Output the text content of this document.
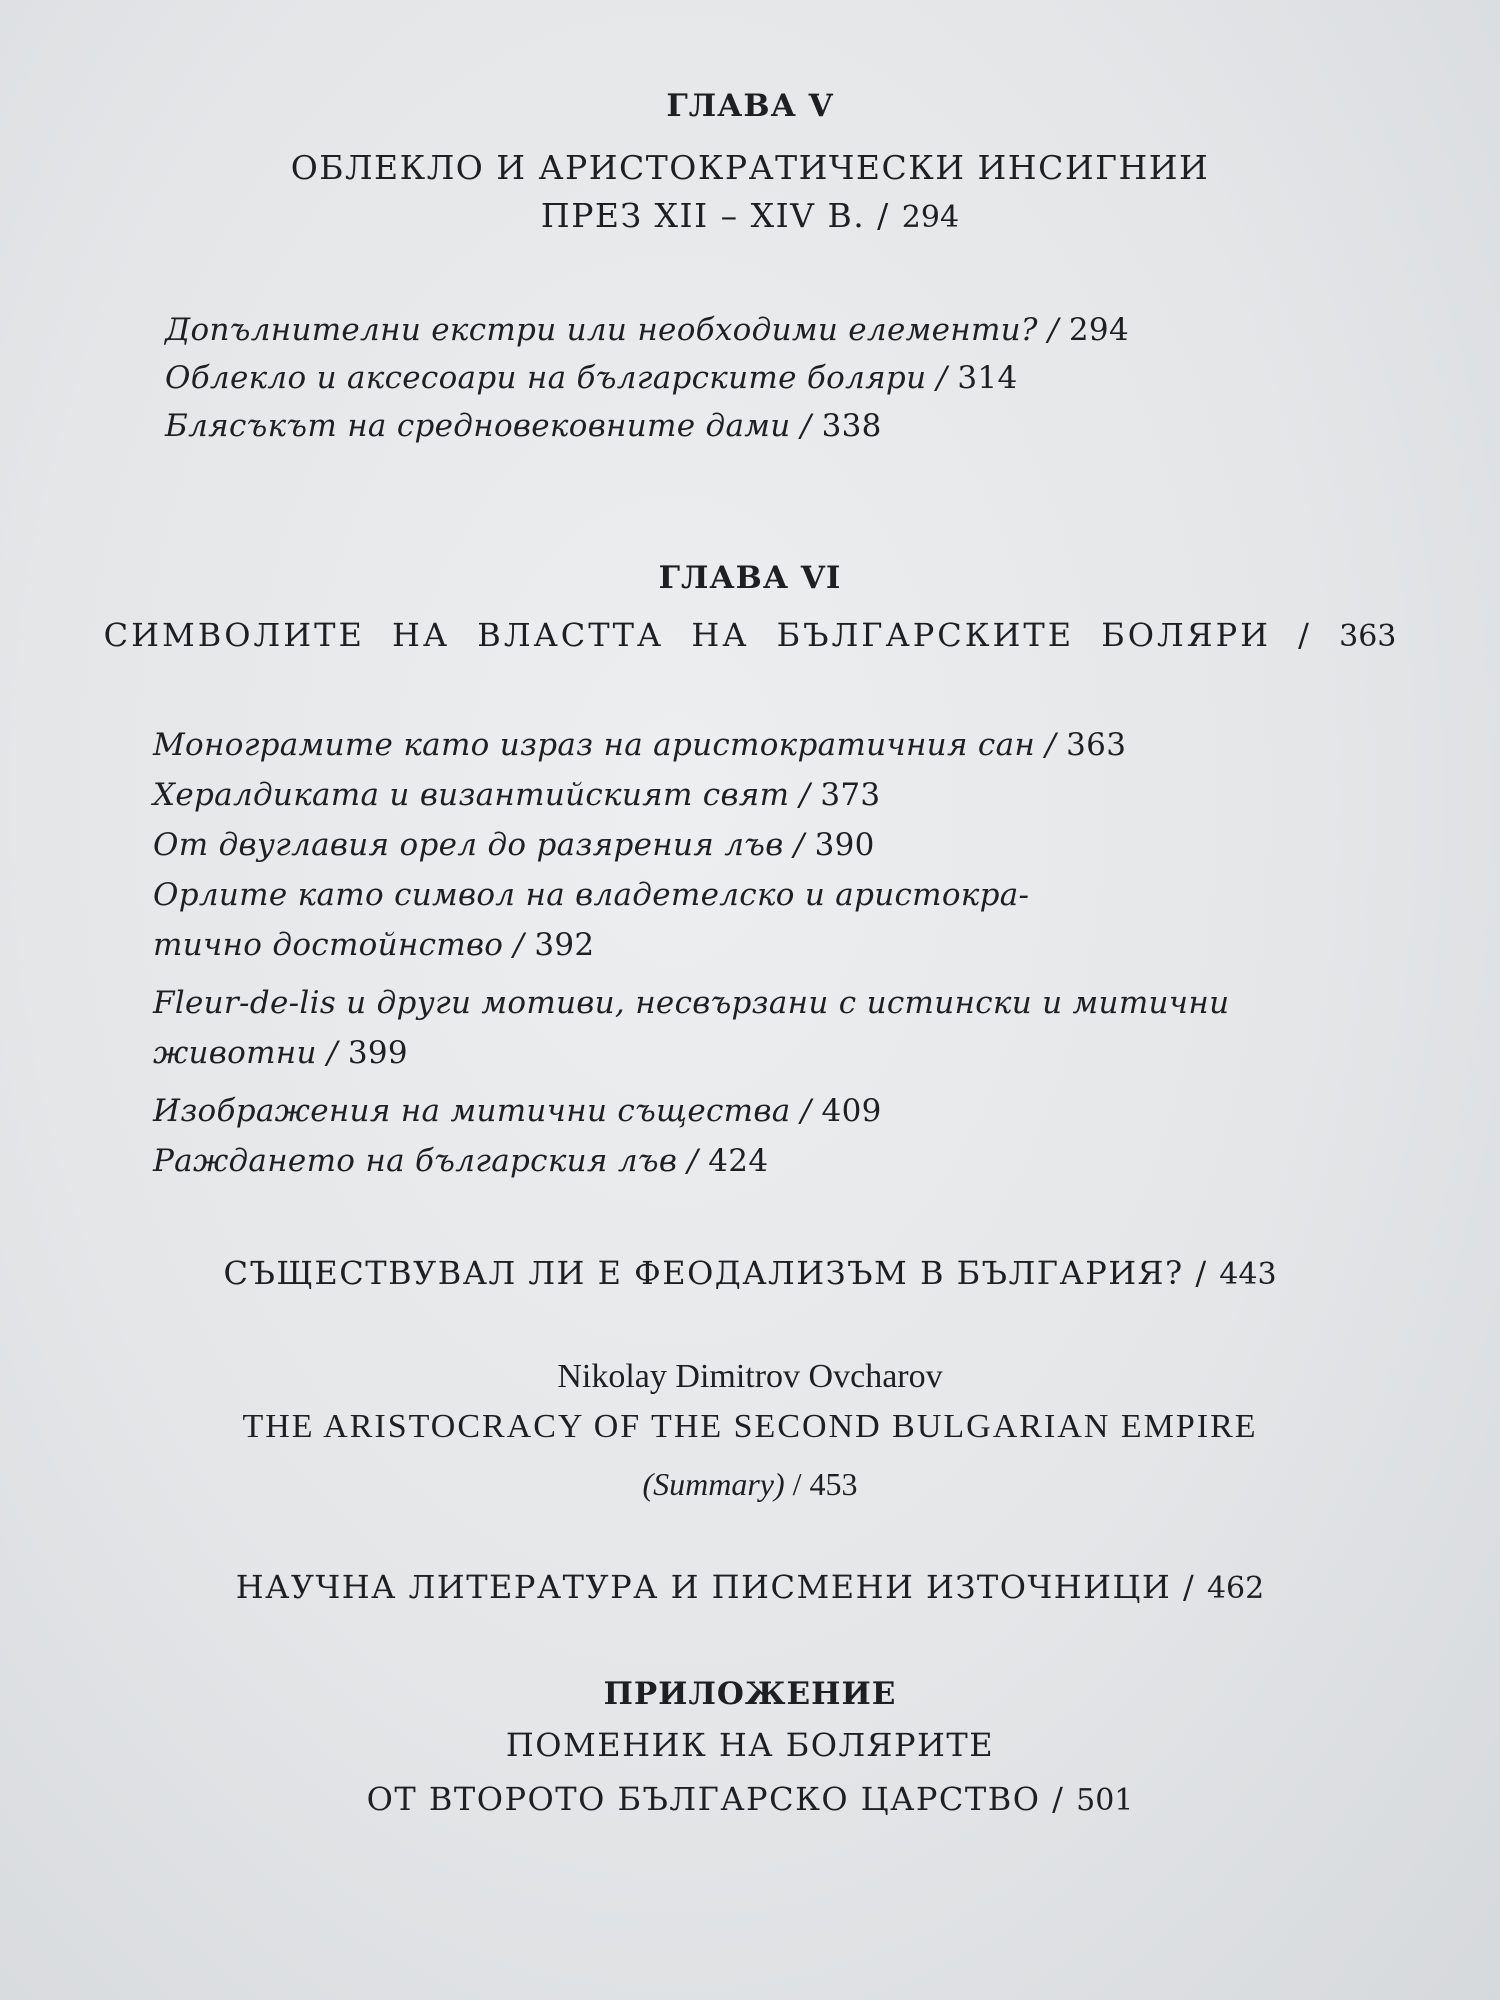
ГЛАВА V
ОБЛЕКЛО И АРИСТОКРАТИЧЕСКИ ИНСИГНИИ
ПРЕЗ XII – XIV В. / 294
Допълнителни екстри или необходими елементи? / 294
Облекло и аксесоари на българските боляри / 314
Блясъкът на средновековните дами / 338
ГЛАВА VI
СИМВОЛИТЕ НА ВЛАСТТА НА БЪЛГАРСКИТЕ БОЛЯРИ / 363
Монограмите като израз на аристократичния сан / 363
Хералдиката и византийският свят / 373
От двуглавия орел до разярения лъв / 390
Орлите като символ на владетелско и аристокра-
тично достойнство / 392
Fleur-de-lis и други мотиви, несвързани с истински и митични
животни / 399
Изображения на митични същества / 409
Раждането на българския лъв / 424
СЪЩЕСТВУВАЛ ЛИ Е ФЕОДАЛИЗЪМ В БЪЛГАРИЯ? / 443
Nikolay Dimitrov Ovcharov
THE ARISTOCRACY OF THE SECOND BULGARIAN EMPIRE
(Summary) / 453
НАУЧНА ЛИТЕРАТУРА И ПИСМЕНИ ИЗТОЧНИЦИ / 462
ПРИЛОЖЕНИЕ
ПОМЕНИК НА БОЛЯРИТЕ
ОТ ВТОРОТО БЪЛГАРСКО ЦАРСТВО / 501
